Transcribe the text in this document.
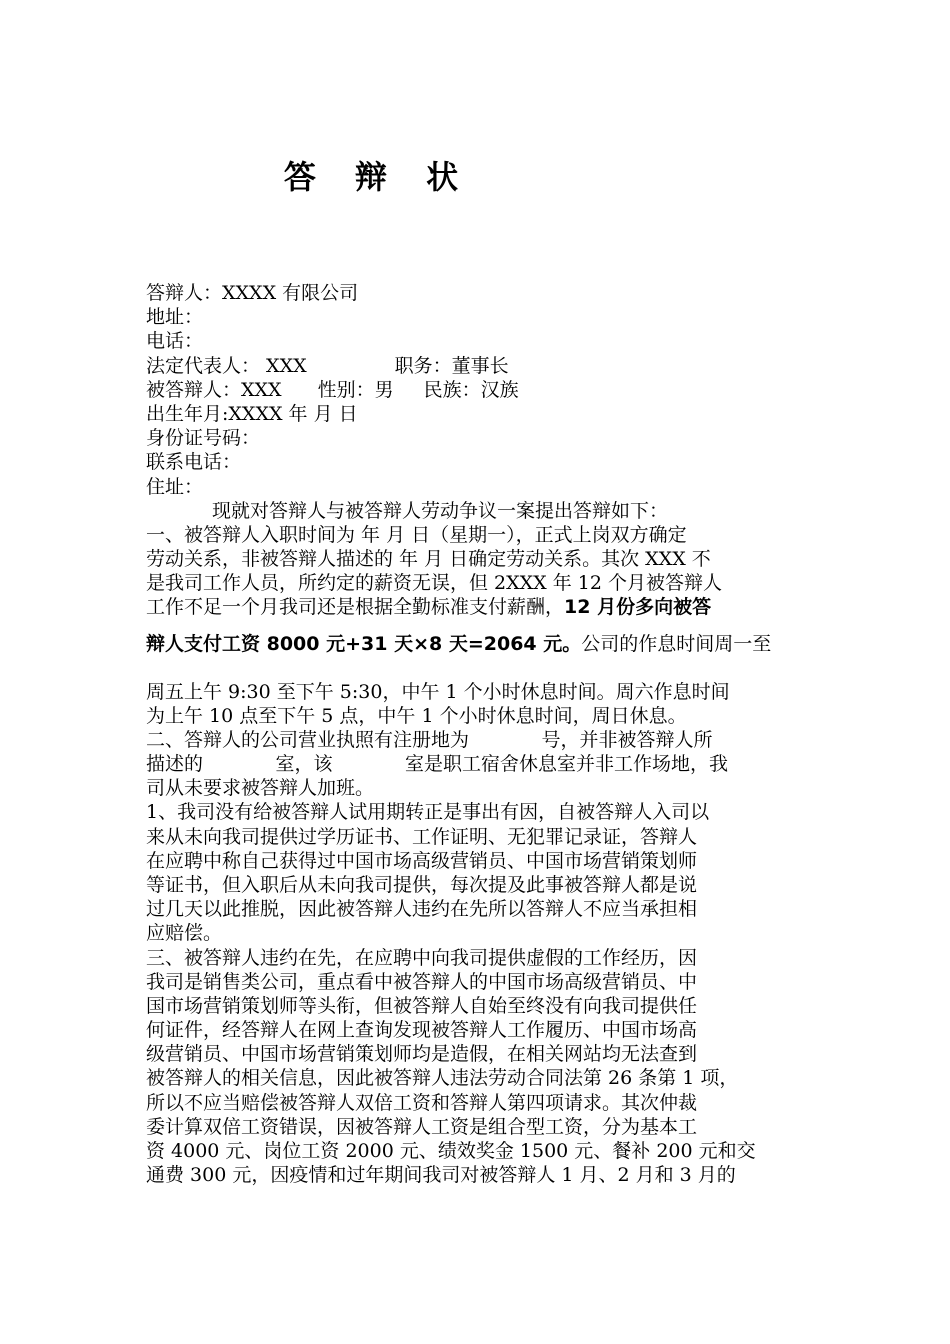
答 辩 状
答辩人：XXXX 有限公司
地址：
电话：
法定代表人： XXX	职务：董事长
被答辩人：XXX 性别：男 民族：汉族
出生年月:XXXX 年 月 日
身份证号码：
联系电话：
住址：
现就对答辩人与被答辩人劳动争议一案提出答辩如下：
一、被答辩人入职时间为 年 月 日（星期一），正式上岗双方确定
劳动关系，非被答辩人描述的 年 月 日确定劳动关系。其次 XXX 不
是我司工作人员，所约定的薪资无误，但 2XXX 年 12 个月被答辩人
工作不足一个月我司还是根据全勤标准支付薪酬，12 月份多向被答
辩人支付工资 8000 元+31 天×8 天=2064 元。公司的作息时间周一至
周五上午 9:30 至下午 5:30，中午 1 个小时休息时间。周六作息时间
为上午 10 点至下午 5 点，中午 1 个小时休息时间，周日休息。
二、答辩人的公司营业执照有注册地为            号，并非被答辩人所
描述的            室，该            室是职工宿舍休息室并非工作场地，我
司从未要求被答辩人加班。
1、我司没有给被答辩人试用期转正是事出有因，自被答辩人入司以
来从未向我司提供过学历证书、工作证明、无犯罪记录证，答辩人
在应聘中称自己获得过中国市场高级营销员、中国市场营销策划师
等证书，但入职后从未向我司提供，每次提及此事被答辩人都是说
过几天以此推脱，因此被答辩人违约在先所以答辩人不应当承担相
应赔偿。
三、被答辩人违约在先，在应聘中向我司提供虚假的工作经历，因
我司是销售类公司，重点看中被答辩人的中国市场高级营销员、中
国市场营销策划师等头衔，但被答辩人自始至终没有向我司提供任
何证件，经答辩人在网上查询发现被答辩人工作履历、中国市场高
级营销员、中国市场营销策划师均是造假，在相关网站均无法查到
被答辩人的相关信息，因此被答辩人违法劳动合同法第 26 条第 1 项，
所以不应当赔偿被答辩人双倍工资和答辩人第四项请求。其次仲裁
委计算双倍工资错误，因被答辩人工资是组合型工资，分为基本工
资 4000 元、岗位工资 2000 元、绩效奖金 1500 元、餐补 200 元和交
通费 300 元，因疫情和过年期间我司对被答辩人 1 月、2 月和 3 月的
